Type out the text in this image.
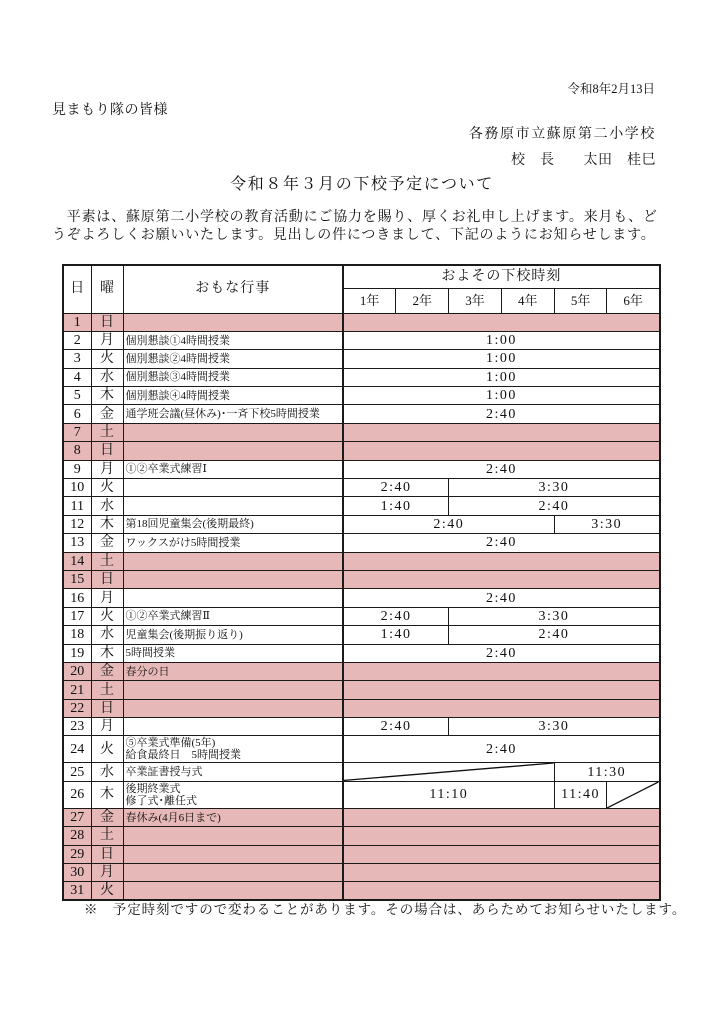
令和8年2月13日
見まもり隊の皆様
各務原市立蘇原第二小学校
校　長　　太田　桂巳
令和８年３月の下校予定について
　平素は、蘇原第二小学校の教育活動にご協力を賜り、厚くお礼申し上げます。来月も、ど
うぞよろしくお願いいたします。見出しの件につきまして、下記のようにお知らせします。
日	曜	おもな行事	およその下校時刻					
			1年	2年	3年	4年	5年	6年
1	日							
2	月	個別懇談①4時間授業	1:00					
3	火	個別懇談②4時間授業	1:00					
4	水	個別懇談③4時間授業	1:00					
5	木	個別懇談④4時間授業	1:00					
6	金	通学班会議(昼休み)･一斉下校5時間授業	2:40					
7	土							
8	日							
9	月	①②卒業式練習Ⅰ	2:40					
10	火		2:40		3:30			
11	水		1:40		2:40			
12	木	第18回児童集会(後期最終)	2:40				3:30	
13	金	ワックスがけ5時間授業	2:40					
14	土							
15	日							
16	月		2:40					
17	火	①②卒業式練習Ⅱ	2:40		3:30			
18	水	児童集会(後期振り返り)	1:40		2:40			
19	木	5時間授業	2:40					
20	金	春分の日						

21	土							
22	日							
23	月		2:40		3:30			
24	火	⑤卒業式準備(5年)
給食最終日　5時間授業	2:40					
25	水	卒業証書授与式					11:30	
26	木	後期終業式
修了式･離任式	11:10				11:40	

27	金	春休み(4月6日まで)						

28	土							
29	日							
30	月							
31	火							
※　予定時刻ですので変わることがあります。その場合は、あらためてお知らせいたします。
